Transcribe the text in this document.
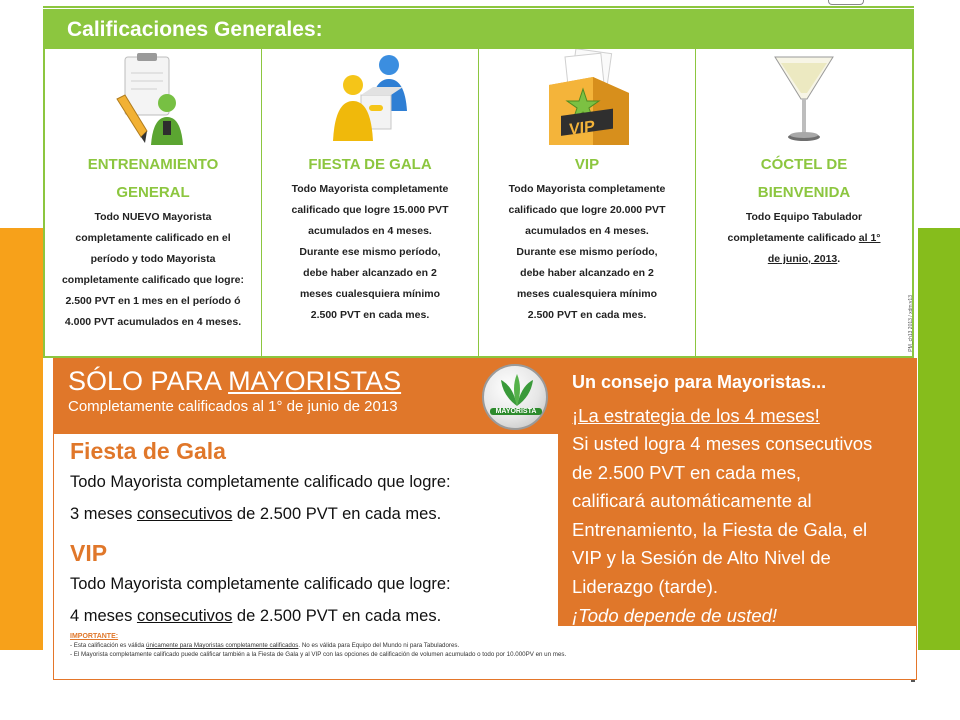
Calificaciones Generales:
ENTRENAMIENTO
GENERAL

Todo NUEVO Mayorista
completamente calificado en el
período y todo Mayorista
completamente calificado que logre:
2.500 PVT en 1 mes en el período ó
4.000 PVT acumulados en 4 meses.

FIESTA DE GALA

Todo Mayorista completamente
calificado que logre 15.000 PVT
acumulados en 4 meses.
Durante ese mismo período,
debe haber alcanzado en 2
meses cualesquiera mínimo
2.500 PVT en cada mes.

VIP
VIP

Todo Mayorista completamente
calificado que logre 20.000 PVT
acumulados en 4 meses.
Durante ese mismo período,
debe haber alcanzado en 2
meses cualesquiera mínimo
2.500 PVT en cada mes.

CÓCTEL DE
BIENVENIDA

Todo Equipo Tabulador
completamente calificado al 1°
de junio, 2013.

PM_ch13 2013 / xdm:v13
SÓLO PARA MAYORISTAS
Completamente calificados al 1° de junio de 2013
Un consejo para Mayoristas...
¡La estrategia de los 4 meses!
Si usted logra 4 meses consecutivos
de 2.500 PVT en cada mes,
calificará automáticamente al
Entrenamiento, la Fiesta de Gala, el
VIP y la Sesión de Alto Nivel de
Liderazgo (tarde).
¡Todo depende de usted!
MAYORISTA
Fiesta de Gala
Todo Mayorista completamente calificado que logre:
3 meses consecutivos de 2.500 PVT en cada mes.
VIP
Todo Mayorista completamente calificado que logre:
4 meses consecutivos de 2.500 PVT en cada mes.
IMPORTANTE:
- Esta calificación es válida únicamente para Mayoristas completamente calificados. No es válida para Equipo del Mundo ni para Tabuladores.
- El Mayorista completamente calificado puede calificar también a la Fiesta de Gala y al VIP con las opciones de calificación de volumen acumulado o todo por 10.000PV en un mes.
